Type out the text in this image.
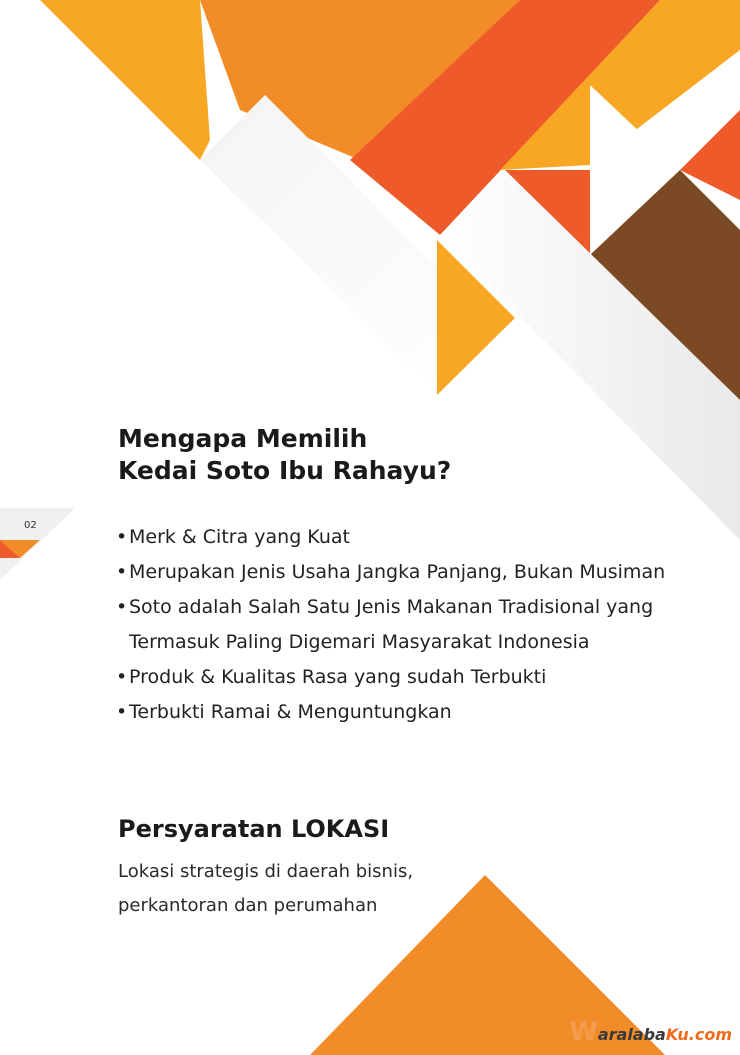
02
Mengapa Memilih
Kedai Soto Ibu Rahayu?
• Merk & Citra yang Kuat
• Merupakan Jenis Usaha Jangka Panjang, Bukan Musiman
• Soto adalah Salah Satu Jenis Makanan Tradisional yang
Termasuk Paling Digemari Masyarakat Indonesia
• Produk & Kualitas Rasa yang sudah Terbukti
• Terbukti Ramai & Menguntungkan
Persyaratan LOKASI

Lokasi strategis di daerah bisnis,
perkantoran dan perumahan

WaralabaKu.com
